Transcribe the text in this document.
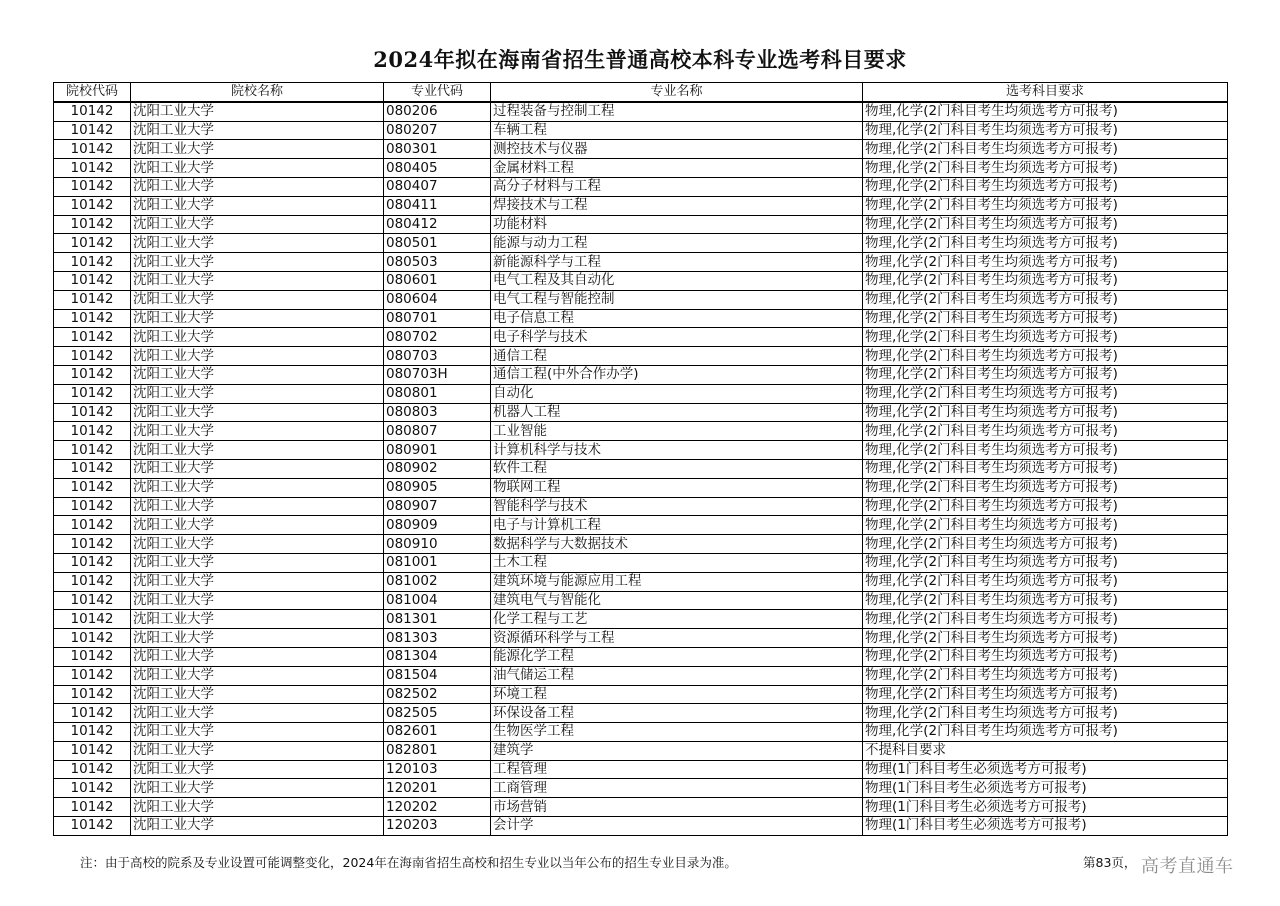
2024年拟在海南省招生普通高校本科专业选考科目要求
院校代码	院校名称	专业代码	专业名称	选考科目要求
10142	沈阳工业大学	080206	过程装备与控制工程	物理,化学(2门科目考生均须选考方可报考)
10142	沈阳工业大学	080207	车辆工程	物理,化学(2门科目考生均须选考方可报考)
10142	沈阳工业大学	080301	测控技术与仪器	物理,化学(2门科目考生均须选考方可报考)
10142	沈阳工业大学	080405	金属材料工程	物理,化学(2门科目考生均须选考方可报考)
10142	沈阳工业大学	080407	高分子材料与工程	物理,化学(2门科目考生均须选考方可报考)
10142	沈阳工业大学	080411	焊接技术与工程	物理,化学(2门科目考生均须选考方可报考)
10142	沈阳工业大学	080412	功能材料	物理,化学(2门科目考生均须选考方可报考)
10142	沈阳工业大学	080501	能源与动力工程	物理,化学(2门科目考生均须选考方可报考)
10142	沈阳工业大学	080503	新能源科学与工程	物理,化学(2门科目考生均须选考方可报考)
10142	沈阳工业大学	080601	电气工程及其自动化	物理,化学(2门科目考生均须选考方可报考)
10142	沈阳工业大学	080604	电气工程与智能控制	物理,化学(2门科目考生均须选考方可报考)
10142	沈阳工业大学	080701	电子信息工程	物理,化学(2门科目考生均须选考方可报考)
10142	沈阳工业大学	080702	电子科学与技术	物理,化学(2门科目考生均须选考方可报考)
10142	沈阳工业大学	080703	通信工程	物理,化学(2门科目考生均须选考方可报考)
10142	沈阳工业大学	080703H	通信工程(中外合作办学)	物理,化学(2门科目考生均须选考方可报考)
10142	沈阳工业大学	080801	自动化	物理,化学(2门科目考生均须选考方可报考)
10142	沈阳工业大学	080803	机器人工程	物理,化学(2门科目考生均须选考方可报考)
10142	沈阳工业大学	080807	工业智能	物理,化学(2门科目考生均须选考方可报考)
10142	沈阳工业大学	080901	计算机科学与技术	物理,化学(2门科目考生均须选考方可报考)
10142	沈阳工业大学	080902	软件工程	物理,化学(2门科目考生均须选考方可报考)
10142	沈阳工业大学	080905	物联网工程	物理,化学(2门科目考生均须选考方可报考)
10142	沈阳工业大学	080907	智能科学与技术	物理,化学(2门科目考生均须选考方可报考)
10142	沈阳工业大学	080909	电子与计算机工程	物理,化学(2门科目考生均须选考方可报考)
10142	沈阳工业大学	080910	数据科学与大数据技术	物理,化学(2门科目考生均须选考方可报考)
10142	沈阳工业大学	081001	土木工程	物理,化学(2门科目考生均须选考方可报考)
10142	沈阳工业大学	081002	建筑环境与能源应用工程	物理,化学(2门科目考生均须选考方可报考)
10142	沈阳工业大学	081004	建筑电气与智能化	物理,化学(2门科目考生均须选考方可报考)
10142	沈阳工业大学	081301	化学工程与工艺	物理,化学(2门科目考生均须选考方可报考)
10142	沈阳工业大学	081303	资源循环科学与工程	物理,化学(2门科目考生均须选考方可报考)
10142	沈阳工业大学	081304	能源化学工程	物理,化学(2门科目考生均须选考方可报考)
10142	沈阳工业大学	081504	油气储运工程	物理,化学(2门科目考生均须选考方可报考)
10142	沈阳工业大学	082502	环境工程	物理,化学(2门科目考生均须选考方可报考)
10142	沈阳工业大学	082505	环保设备工程	物理,化学(2门科目考生均须选考方可报考)
10142	沈阳工业大学	082601	生物医学工程	物理,化学(2门科目考生均须选考方可报考)
10142	沈阳工业大学	082801	建筑学	不提科目要求
10142	沈阳工业大学	120103	工程管理	物理(1门科目考生必须选考方可报考)
10142	沈阳工业大学	120201	工商管理	物理(1门科目考生必须选考方可报考)
10142	沈阳工业大学	120202	市场营销	物理(1门科目考生必须选考方可报考)
10142	沈阳工业大学	120203	会计学	物理(1门科目考生必须选考方可报考)
注：由于高校的院系及专业设置可能调整变化，2024年在海南省招生高校和招生专业以当年公布的招生专业目录为准。	第83页， 高考直通车
